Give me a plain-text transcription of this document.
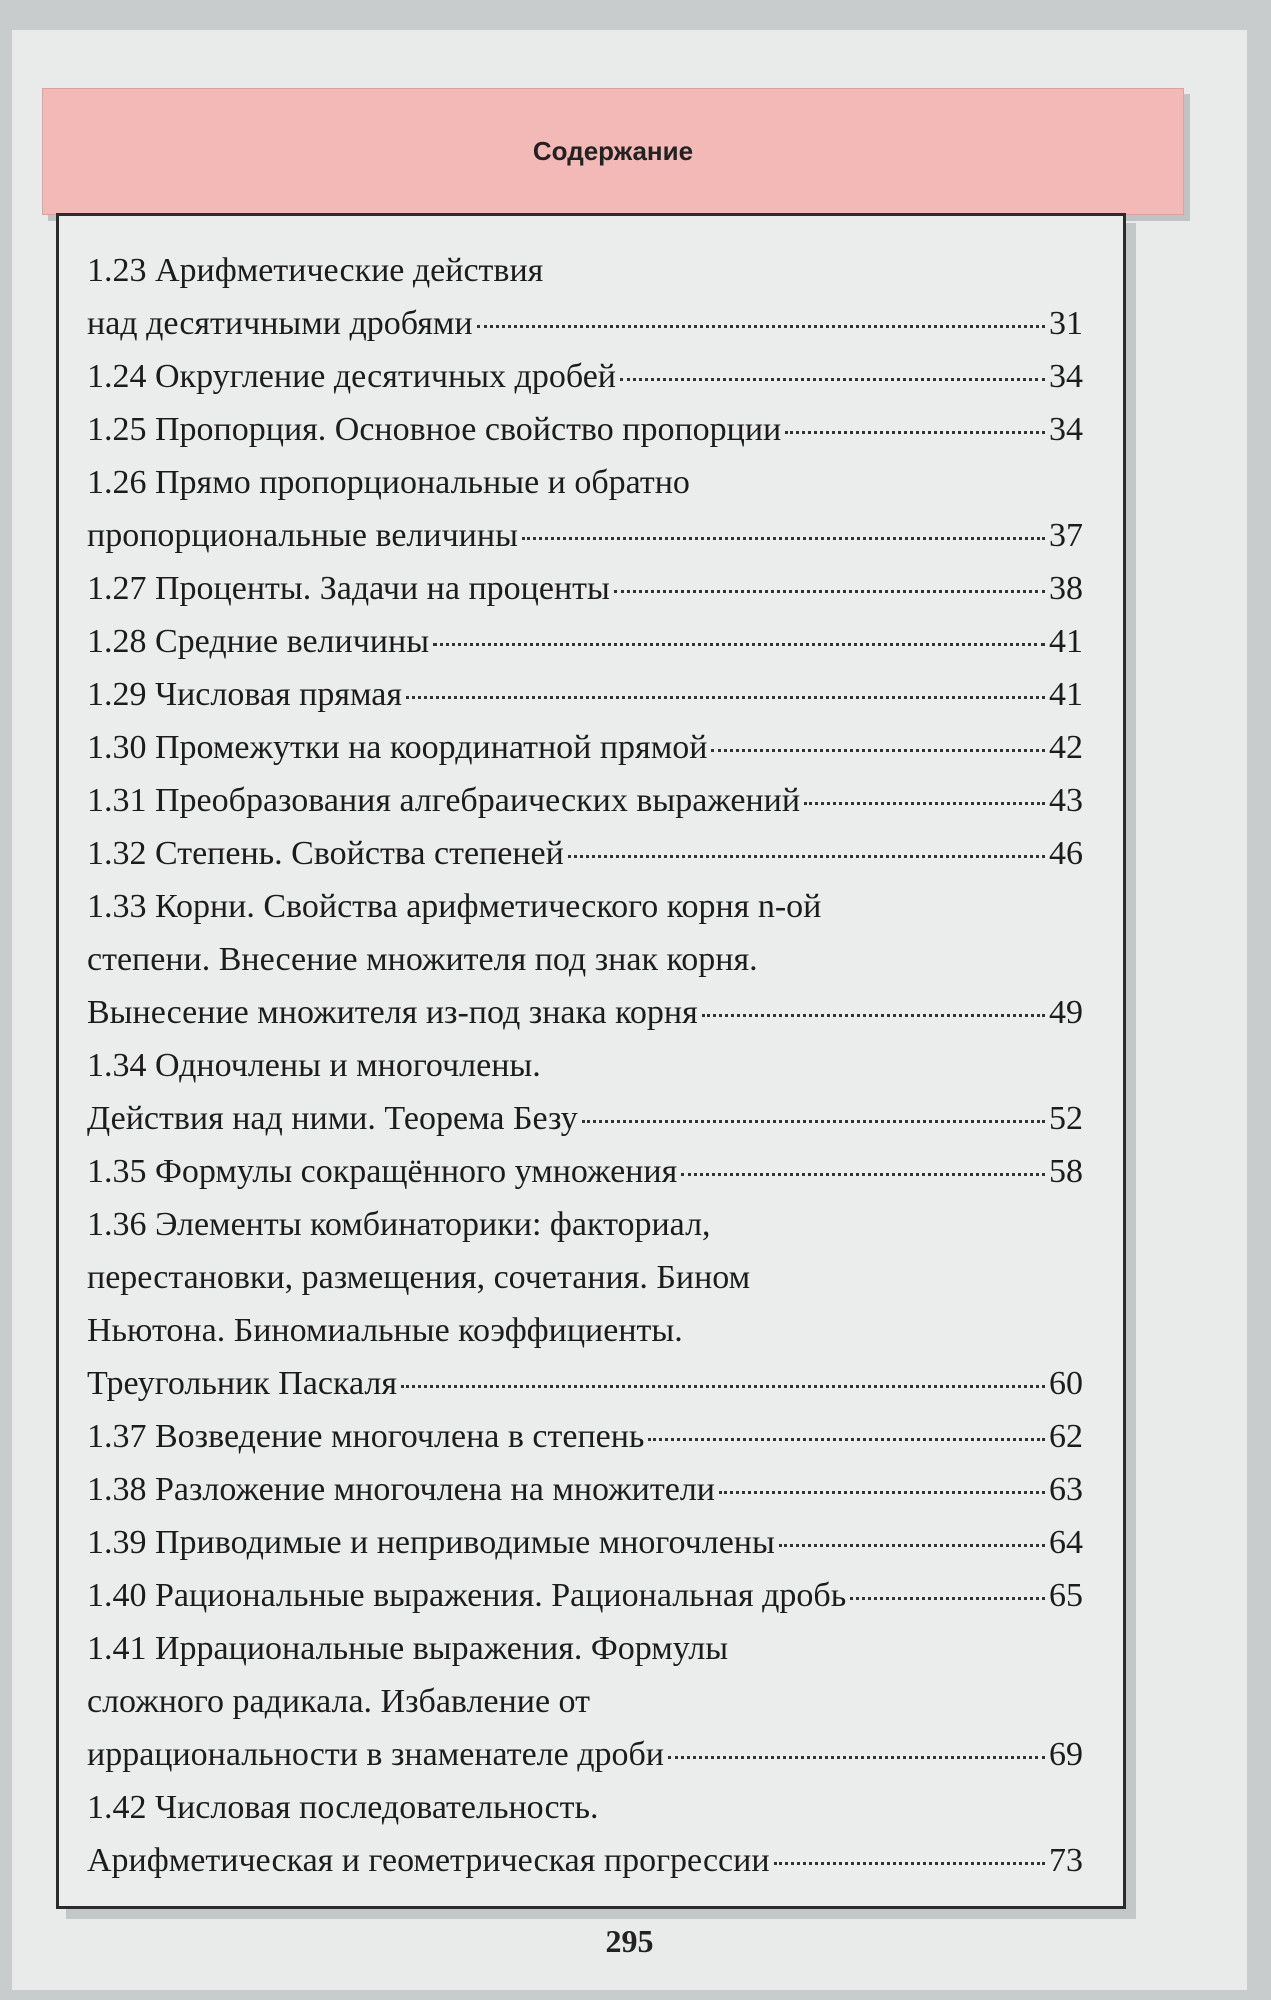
Содержание
1.23 Арифметические действия
над десятичными дробями	31
1.24 Округление десятичных дробей	34
1.25 Пропорция. Основное свойство пропорции	34
1.26 Прямо пропорциональные и обратно
пропорциональные величины	37
1.27 Проценты. Задачи на проценты	38
1.28 Средние величины	41
1.29 Числовая прямая	41
1.30 Промежутки на координатной прямой	42
1.31 Преобразования алгебраических выражений	43
1.32 Степень. Свойства степеней	46
1.33 Корни. Свойства арифметического корня n-ой
степени. Внесение множителя под знак корня.
Вынесение множителя из-под знака корня	49
1.34 Одночлены и многочлены.
Действия над ними. Теорема Безу	52
1.35 Формулы сокращённого умножения	58
1.36 Элементы комбинаторики: факториал,
перестановки, размещения, сочетания. Бином
Ньютона. Биномиальные коэффициенты.
Треугольник Паскаля	60
1.37 Возведение многочлена в степень	62
1.38 Разложение многочлена на множители	63
1.39 Приводимые и неприводимые многочлены	64
1.40 Рациональные выражения. Рациональная дробь	65
1.41 Иррациональные выражения. Формулы
сложного радикала. Избавление от
иррациональности в знаменателе дроби	69
1.42 Числовая последовательность.
Арифметическая и геометрическая прогрессии	73
295
